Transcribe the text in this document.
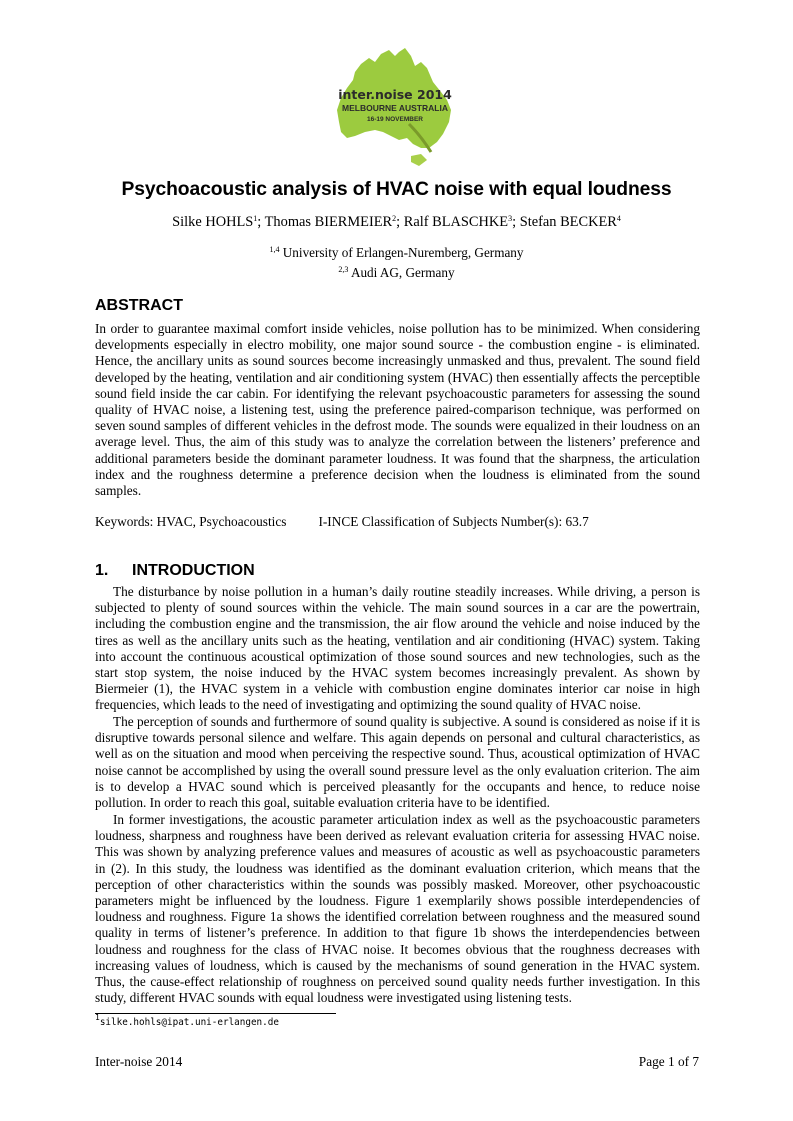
inter.noise 2014
MELBOURNE AUSTRALIA
16-19 NOVEMBER
Psychoacoustic analysis of HVAC noise with equal loudness
Silke HOHLS$^1$; Thomas BIERMEIER$^2$; Ralf BLASCHKE$^3$; Stefan BECKER$^4$
$^{1,4}$ University of Erlangen-Nuremberg, Germany
$^{2,3}$ Audi AG, Germany
ABSTRACT
In order to guarantee maximal comfort inside vehicles, noise pollution has to be minimized. When considering developments especially in electro mobility, one major sound source - the combustion engine - is eliminated. Hence, the ancillary units as sound sources become increasingly unmasked and thus, prevalent. The sound field developed by the heating, ventilation and air conditioning system (HVAC) then essentially affects the perceptible sound field inside the car cabin. For identifying the relevant psychoacoustic parameters for assessing the sound quality of HVAC noise, a listening test, using the preference paired-comparison technique, was performed on seven sound samples of different vehicles in the defrost mode. The sounds were equalized in their loudness on an average level. Thus, the aim of this study was to analyze the correlation between the listeners’ preference and additional parameters beside the dominant parameter loudness. It was found that the sharpness, the articulation index and the roughness determine a preference decision when the loudness is eliminated from the sound samples.
Keywords: HVAC, Psychoacoustics I-INCE Classification of Subjects Number(s): 63.7
1. INTRODUCTION
The disturbance by noise pollution in a human’s daily routine steadily increases. While driving, a person is subjected to plenty of sound sources within the vehicle. The main sound sources in a car are the powertrain, including the combustion engine and the transmission, the air flow around the vehicle and noise induced by the tires as well as the ancillary units such as the heating, ventilation and air conditioning (HVAC) system. Taking into account the continuous acoustical optimization of those sound sources and new technologies, such as the start stop system, the noise induced by the HVAC system becomes increasingly prevalent. As shown by Biermeier (1), the HVAC system in a vehicle with combustion engine dominates interior car noise in high frequencies, which leads to the need of investigating and optimizing the sound quality of HVAC noise.
The perception of sounds and furthermore of sound quality is subjective. A sound is considered as noise if it is disruptive towards personal silence and welfare. This again depends on personal and cultural characteristics, as well as on the situation and mood when perceiving the respective sound. Thus, acoustical optimization of HVAC noise cannot be accomplished by using the overall sound pressure level as the only evaluation criterion. The aim is to develop a HVAC sound which is perceived pleasantly for the occupants and hence, to reduce noise pollution. In order to reach this goal, suitable evaluation criteria have to be identified.
In former investigations, the acoustic parameter articulation index as well as the psychoacoustic parameters loudness, sharpness and roughness have been derived as relevant evaluation criteria for assessing HVAC noise. This was shown by analyzing preference values and measures of acoustic as well as psychoacoustic parameters in (2). In this study, the loudness was identified as the dominant evaluation criterion, which means that the perception of other characteristics within the sounds was possibly masked. Moreover, other psychoacoustic parameters might be influenced by the loudness. Figure 1 exemplarily shows possible interdependencies of loudness and roughness. Figure 1a shows the identified correlation between roughness and the measured sound quality in terms of listener’s preference. In addition to that figure 1b shows the interdependencies between loudness and roughness for the class of HVAC noise. It becomes obvious that the roughness decreases with increasing values of loudness, which is caused by the mechanisms of sound generation in the HVAC system. Thus, the cause-effect relationship of roughness on perceived sound quality needs further investigation. In this study, different HVAC sounds with equal loudness were investigated using listening tests.
$^1$silke.hohls@ipat.uni-erlangen.de
Inter-noise 2014	Page 1 of 7
